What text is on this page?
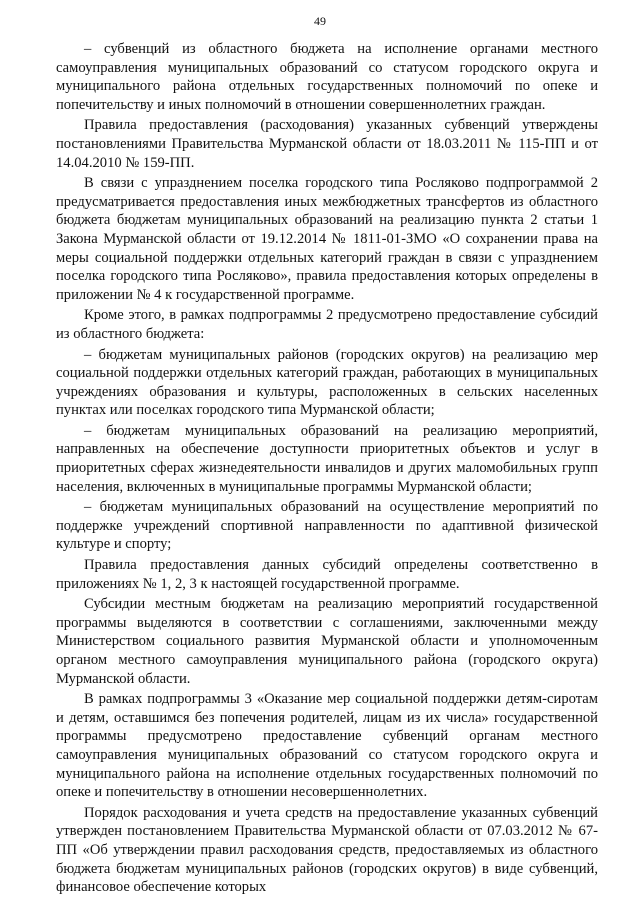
49

– субвенций из областного бюджета на исполнение органами местного самоуправления муниципальных образований со статусом городского округа и муниципального района отдельных государственных полномочий по опеке и попечительству и иных полномочий в отношении совершеннолетних граждан.

Правила предоставления (расходования) указанных субвенций утверждены постановлениями Правительства Мурманской области от 18.03.2011 № 115-ПП и от 14.04.2010 № 159-ПП.

В связи с упразднением поселка городского типа Росляково подпрограммой 2 предусматривается предоставления иных межбюджетных трансфертов из областного бюджета бюджетам муниципальных образований на реализацию пункта 2 статьи 1 Закона Мурманской области от 19.12.2014 № 1811-01-ЗМО «О сохранении права на меры социальной поддержки отдельных категорий граждан в связи с упразднением поселка городского типа Росляково», правила предоставления которых определены в приложении № 4 к государственной программе.

Кроме этого, в рамках подпрограммы 2 предусмотрено предоставление субсидий из областного бюджета:

– бюджетам муниципальных районов (городских округов) на реализацию мер социальной поддержки отдельных категорий граждан, работающих в муниципальных учреждениях образования и культуры, расположенных в сельских населенных пунктах или поселках городского типа Мурманской области;

– бюджетам муниципальных образований на реализацию мероприятий, направленных на обеспечение доступности приоритетных объектов и услуг в приоритетных сферах жизнедеятельности инвалидов и других маломобильных групп населения, включенных в муниципальные программы Мурманской области;

– бюджетам муниципальных образований на осуществление мероприятий по поддержке учреждений спортивной направленности по адаптивной физической культуре и спорту;

Правила предоставления данных субсидий определены соответственно в приложениях № 1, 2, 3 к настоящей государственной программе.

Субсидии местным бюджетам на реализацию мероприятий государственной программы выделяются в соответствии с соглашениями, заключенными между Министерством социального развития Мурманской области и уполномоченным органом местного самоуправления муниципального района (городского округа) Мурманской области.

В рамках подпрограммы 3 «Оказание мер социальной поддержки детям-сиротам и детям, оставшимся без попечения родителей, лицам из их числа» государственной программы предусмотрено предоставление субвенций органам местного самоуправления муниципальных образований со статусом городского округа и муниципального района на исполнение отдельных государственных полномочий по опеке и попечительству в отношении несовершеннолетних.

Порядок расходования и учета средств на предоставление указанных субвенций утвержден постановлением Правительства Мурманской области от 07.03.2012 № 67-ПП «Об утверждении правил расходования средств, предоставляемых из областного бюджета бюджетам муниципальных районов (городских округов) в виде субвенций, финансовое обеспечение которых
